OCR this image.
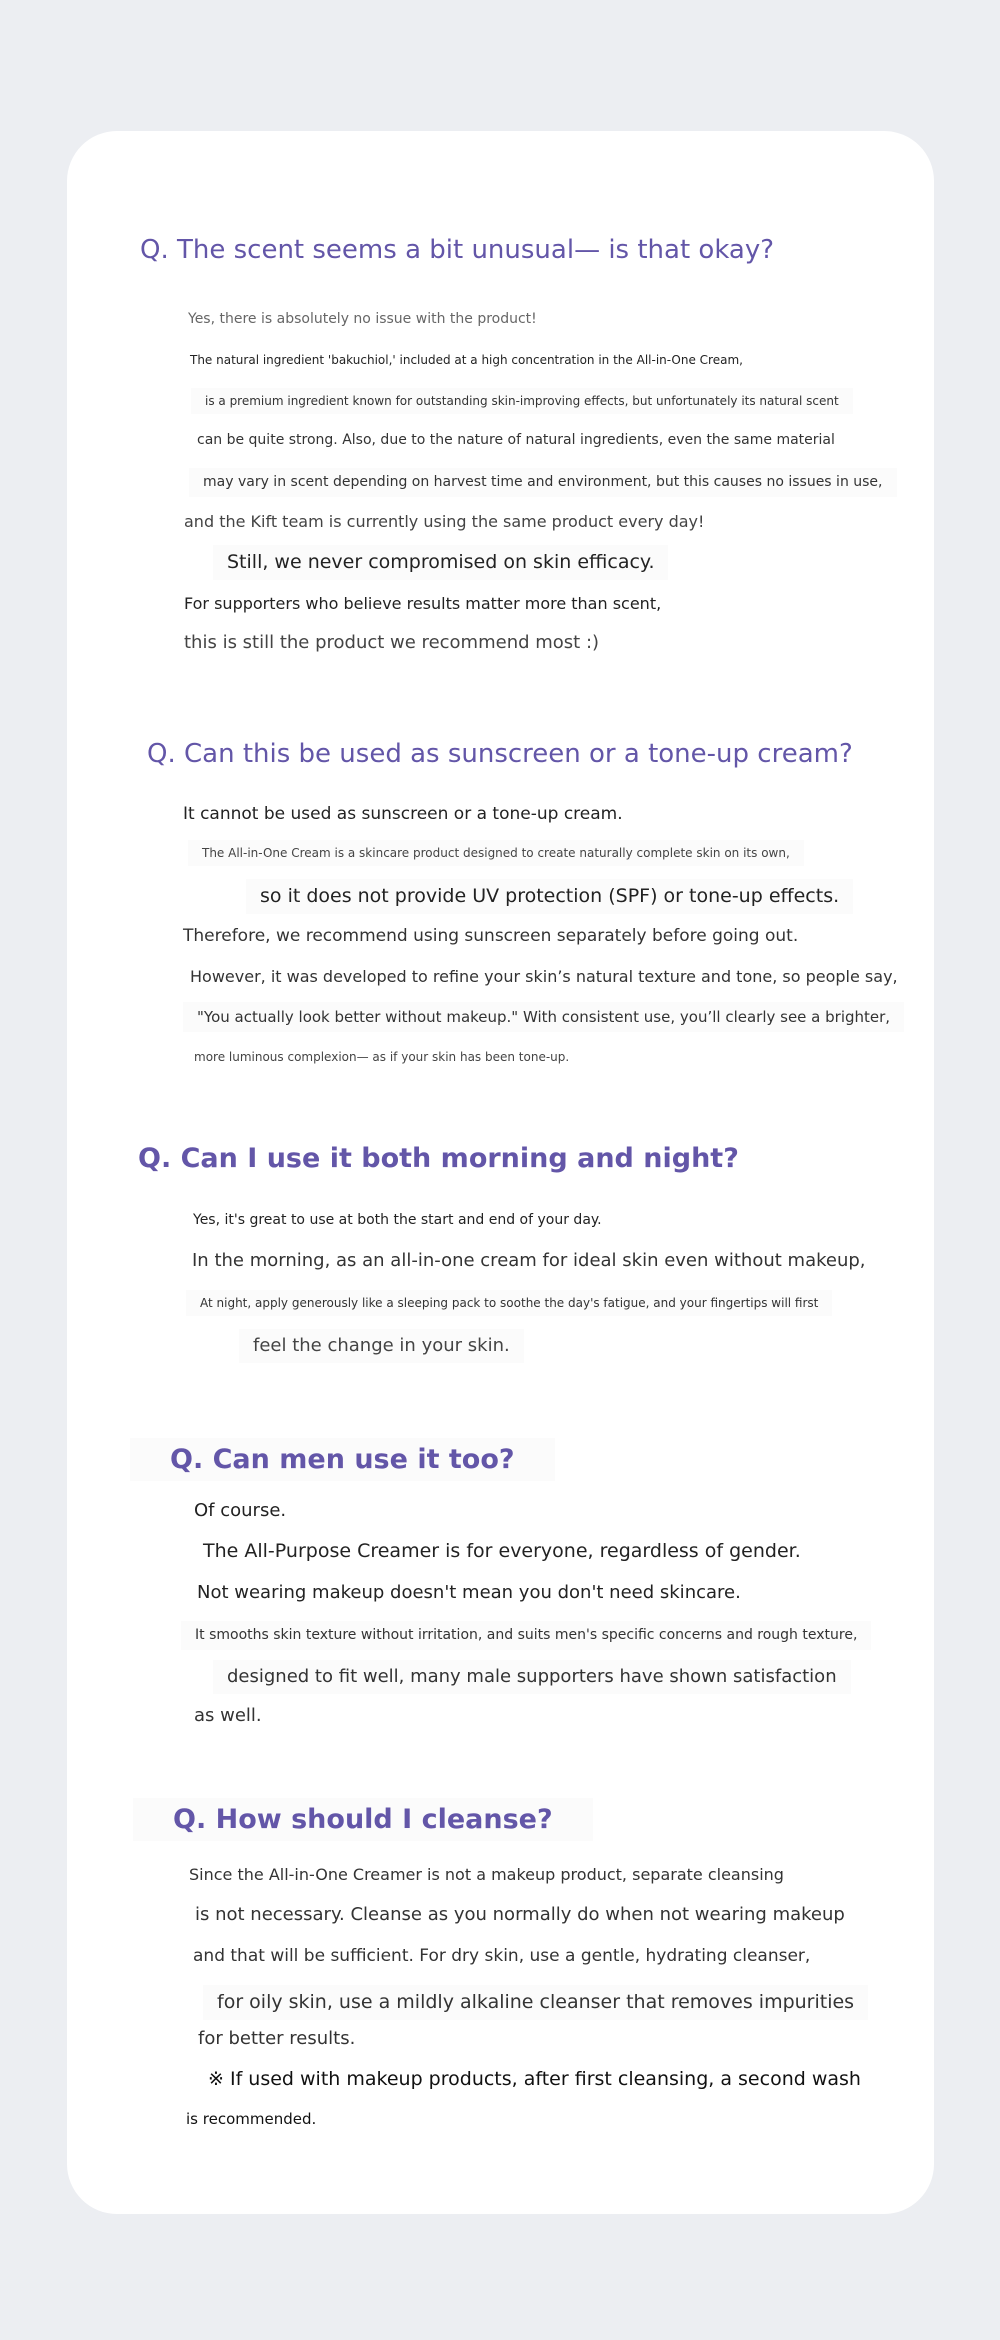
Q. The scent seems a bit unusual— is that okay?
Yes, there is absolutely no issue with the product!
The natural ingredient 'bakuchiol,' included at a high concentration in the All-in-One Cream,
is a premium ingredient known for outstanding skin-improving effects, but unfortunately its natural scent
can be quite strong. Also, due to the nature of natural ingredients, even the same material
may vary in scent depending on harvest time and environment, but this causes no issues in use,
and the Kift team is currently using the same product every day!
Still, we never compromised on skin efficacy.
For supporters who believe results matter more than scent,
this is still the product we recommend most :)
Q. Can this be used as sunscreen or a tone-up cream?
It cannot be used as sunscreen or a tone-up cream.
The All-in-One Cream is a skincare product designed to create naturally complete skin on its own,
so it does not provide UV protection (SPF) or tone-up effects.
Therefore, we recommend using sunscreen separately before going out.
However, it was developed to refine your skin’s natural texture and tone, so people say,
"You actually look better without makeup." With consistent use, you’ll clearly see a brighter,
more luminous complexion— as if your skin has been tone-up.
Q. Can I use it both morning and night?
Yes, it's great to use at both the start and end of your day.
In the morning, as an all-in-one cream for ideal skin even without makeup,
At night, apply generously like a sleeping pack to soothe the day's fatigue, and your fingertips will first
feel the change in your skin.
Q. Can men use it too?
Of course.
The All-Purpose Creamer is for everyone, regardless of gender.
Not wearing makeup doesn't mean you don't need skincare.
It smooths skin texture without irritation, and suits men's specific concerns and rough texture,
designed to fit well, many male supporters have shown satisfaction
as well.
Q. How should I cleanse?
Since the All-in-One Creamer is not a makeup product, separate cleansing
is not necessary. Cleanse as you normally do when not wearing makeup
and that will be sufficient. For dry skin, use a gentle, hydrating cleanser,
for oily skin, use a mildly alkaline cleanser that removes impurities
for better results.
※ If used with makeup products, after first cleansing, a second wash
is recommended.
